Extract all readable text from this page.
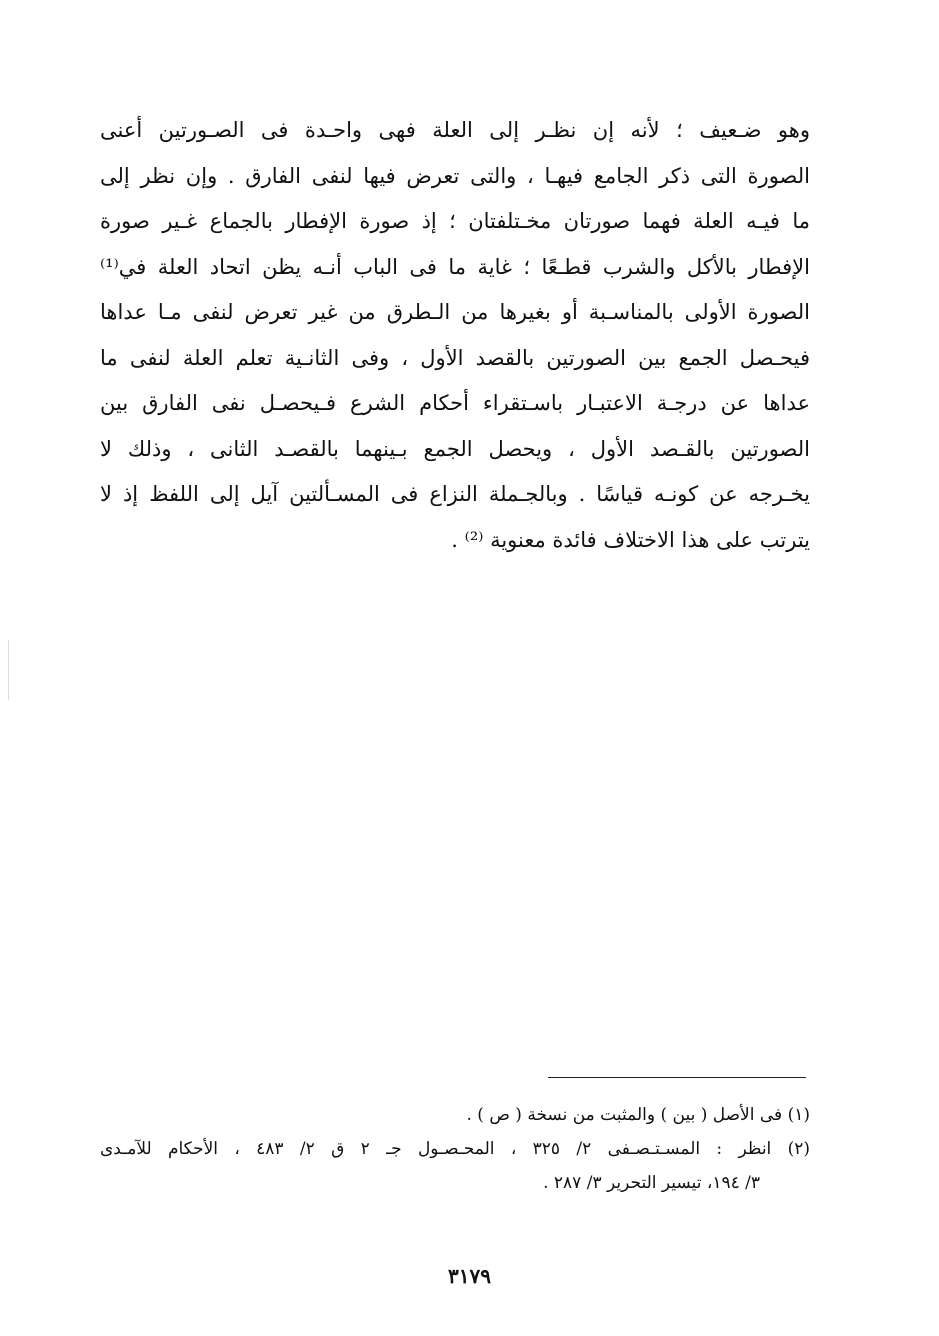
وهو ضـعيف ؛ لأنه إن نظـر إلى العلة فهى واحـدة فى الصـورتين أعنى
الصورة التى ذكر الجامع فيهـا ، والتى تعرض فيها لنفى الفارق . وإن نظر إلى
ما فيـه العلة فهما صورتان مخـتلفتان ؛ إذ صورة الإفطار بالجماع غـير صورة
الإفطار بالأكل والشرب قطـعًا ؛ غاية ما فى الباب أنـه يظن اتحاد العلة في⁽¹⁾
الصورة الأولى بالمناسـبة أو بغيرها من الـطرق من غير تعرض لنفى مـا عداها
فيحـصل الجمع بين الصورتين بالقصد الأول ، وفى الثانـية تعلم العلة لنفى ما
عداها عن درجـة الاعتبـار باسـتقراء أحكام الشرع فـيحصـل نفى الفارق بين
الصورتين بالقـصد الأول ، ويحصل الجمع بـينهما بالقصـد الثانى ، وذلك لا
يخـرجه عن كونـه قياسًا . وبالجـملة النزاع فى المسـألتين آيل إلى اللفظ إذ لا
يترتب على هذا الاختلاف فائدة معنوية ⁽²⁾ .
(١) فى الأصل ( بين ) والمثبت من نسخة ( ص ) .
(٢) انظر : المسـتـصـفى ٢/ ٣٢٥ ، المحـصـول جـ ٢ ق ٢/ ٤٨٣ ، الأحكام للآمـدى
٣/ ١٩٤، تيسير التحرير ٣/ ٢٨٧ .
٣١٧٩
